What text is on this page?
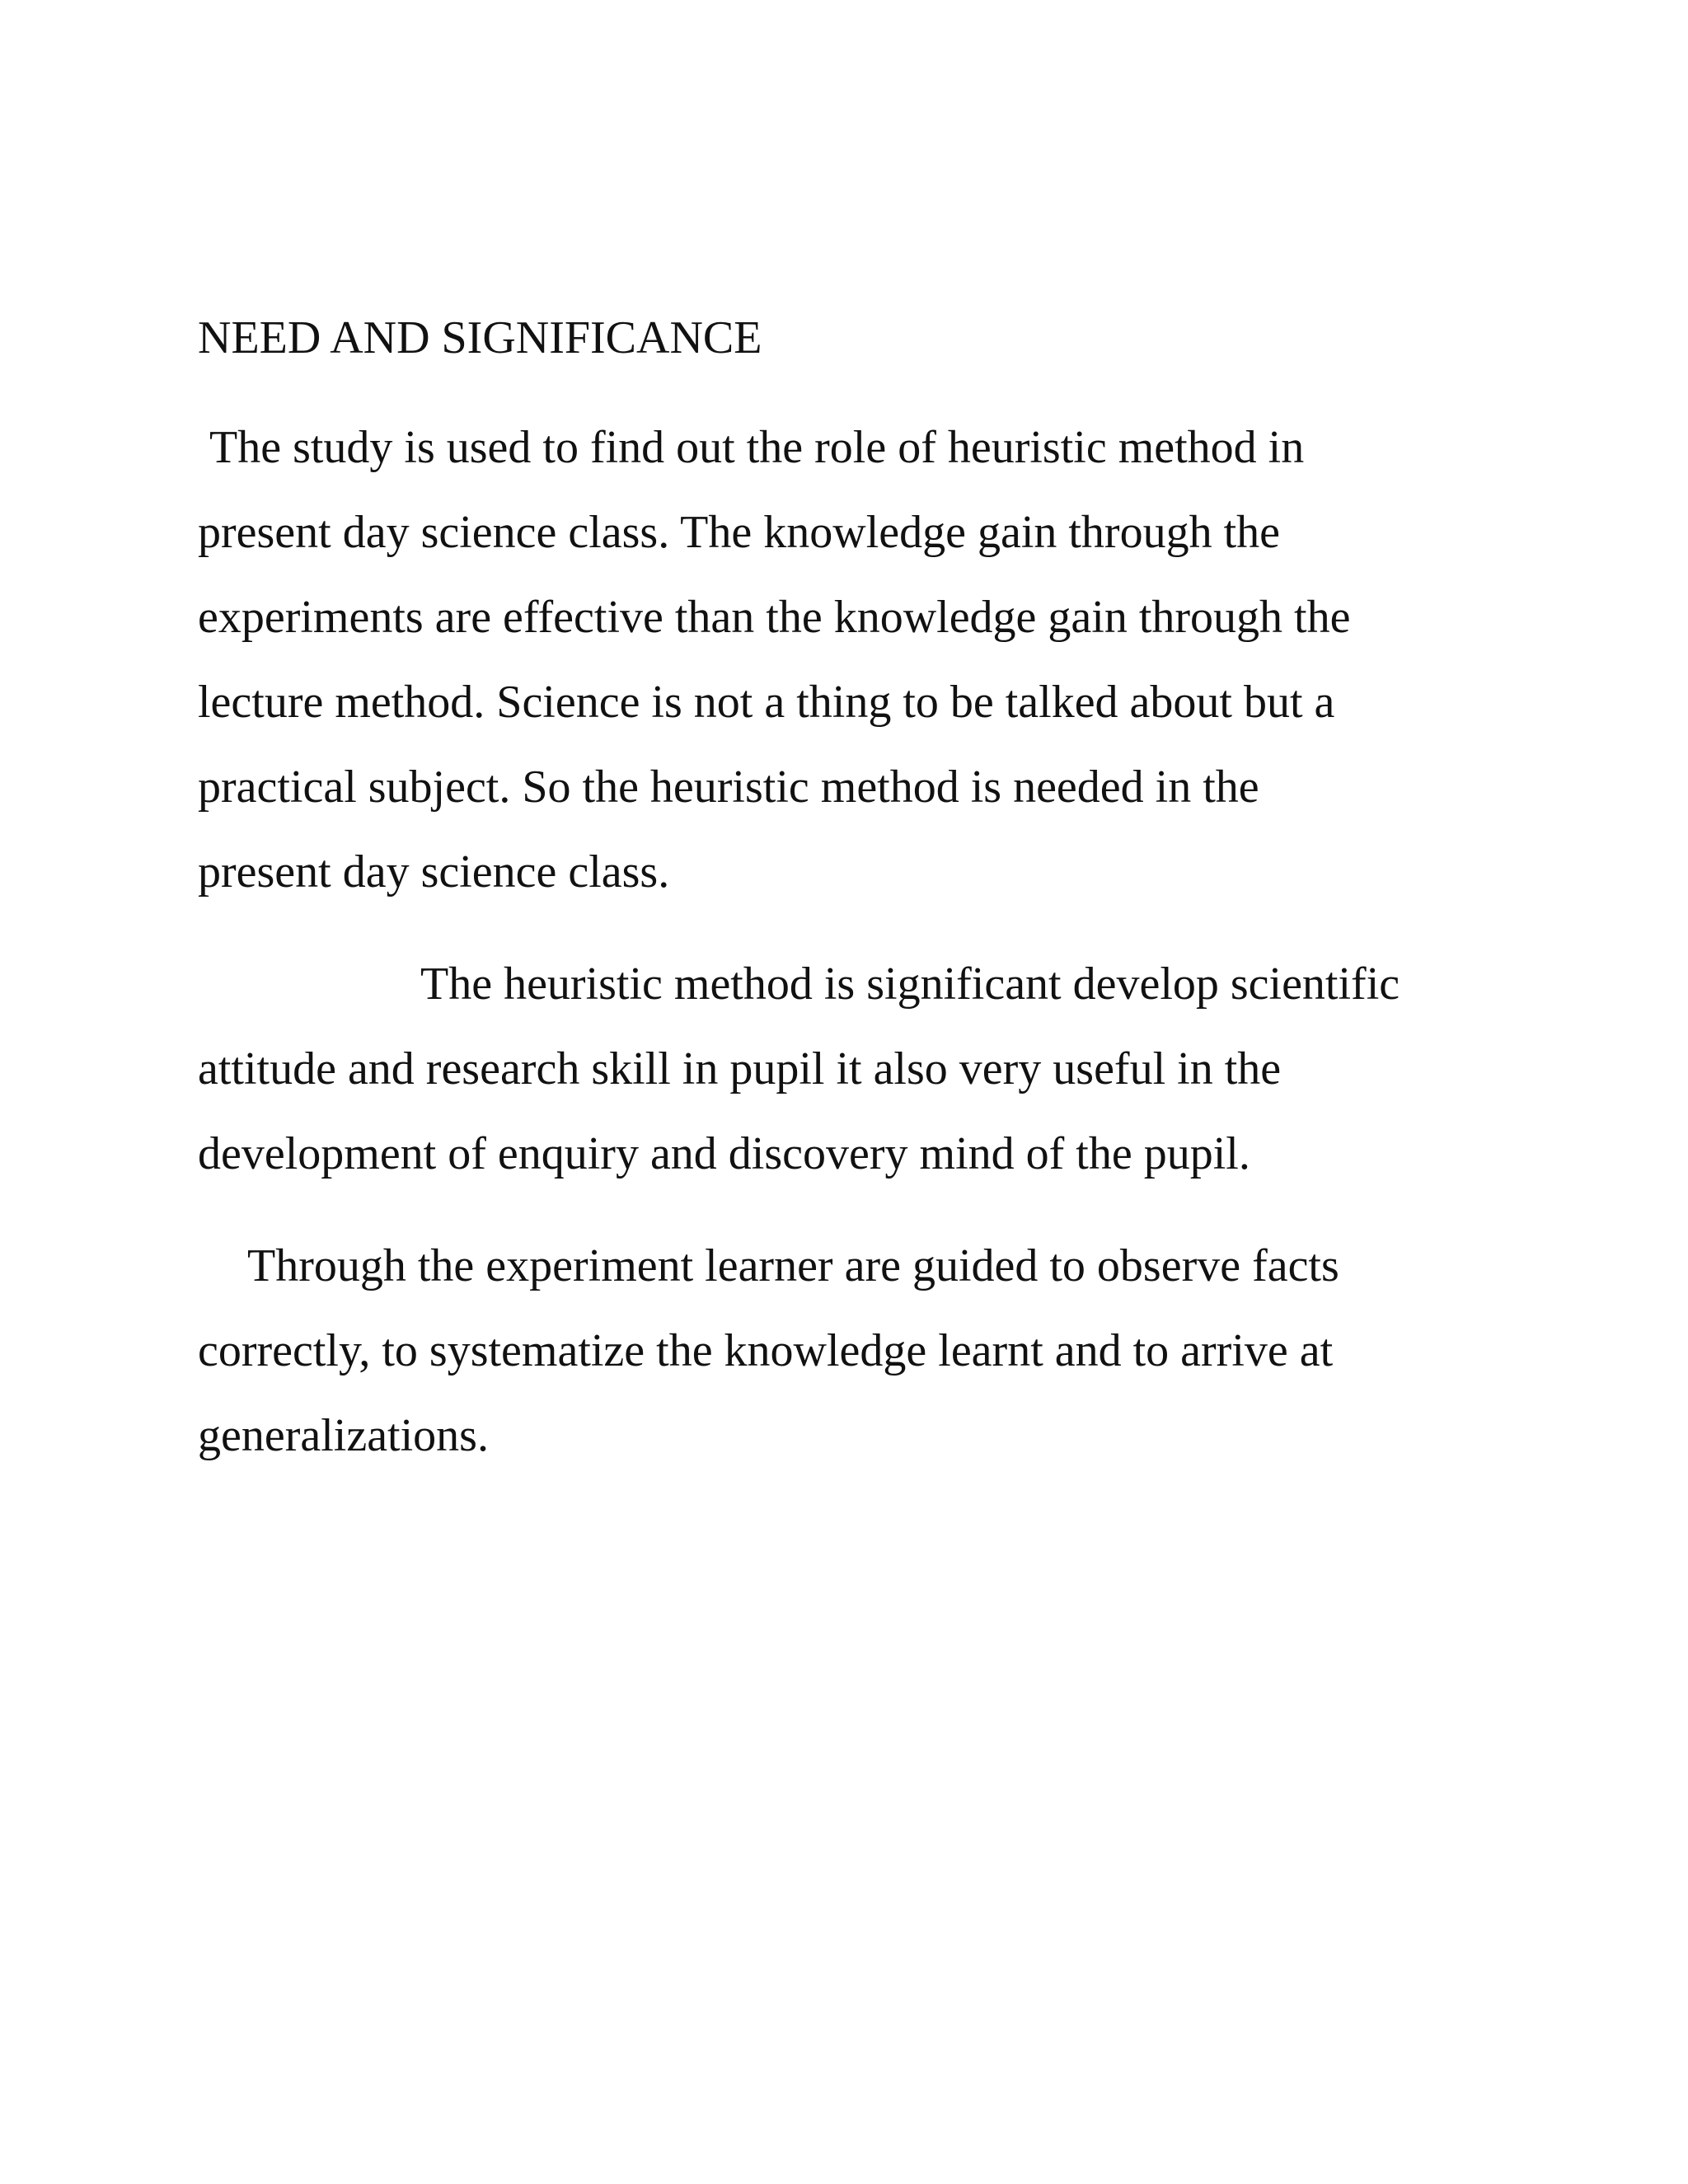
NEED AND SIGNIFICANCE
The study is used to find out the role of heuristic method in
present day science class. The knowledge gain through the
experiments are effective than the knowledge gain through the
lecture method. Science is not a thing to be talked about but a
practical subject. So the heuristic method is needed in the
present day science class.
The heuristic method is significant develop scientific
attitude and research skill in pupil it also very useful in the
development of enquiry and discovery mind of the pupil.
Through the experiment learner are guided to observe facts
correctly, to systematize the knowledge learnt and to arrive at
generalizations.
